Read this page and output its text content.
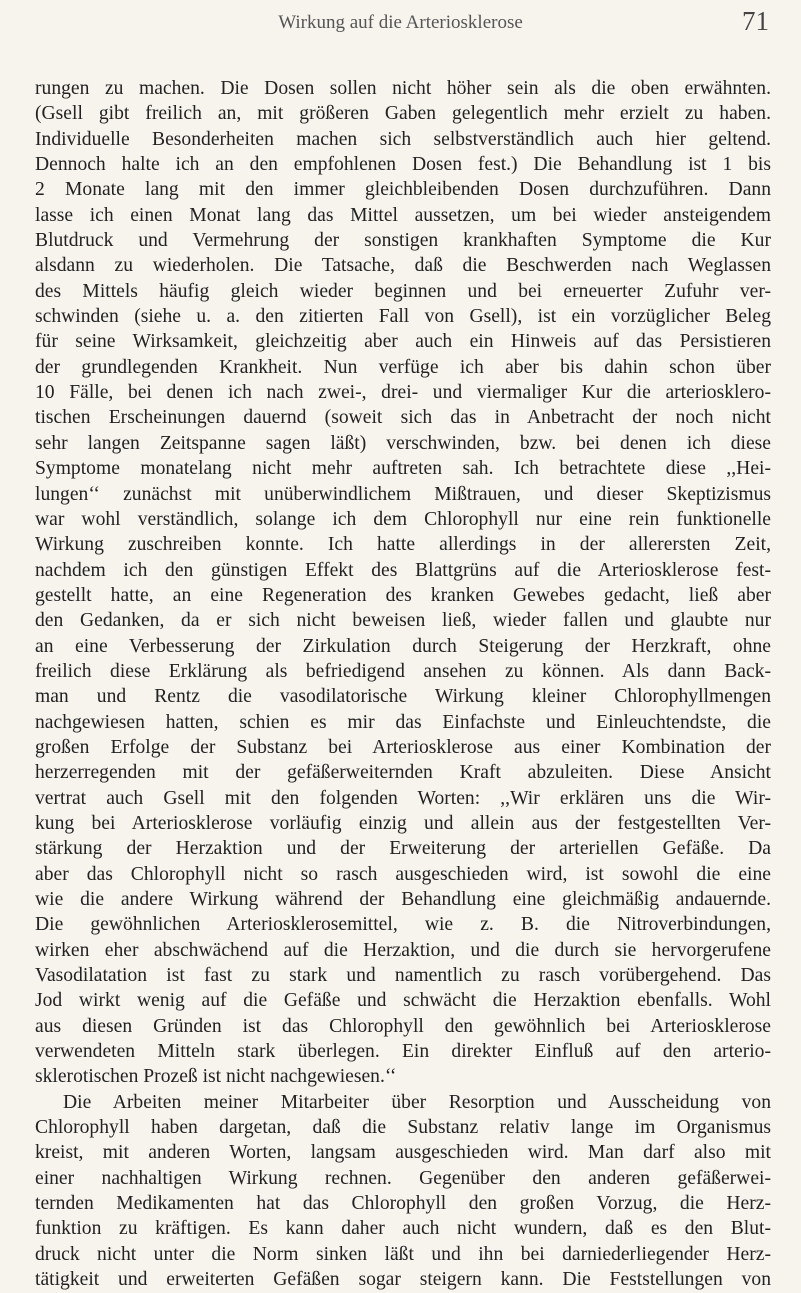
Wirkung auf die Arteriosklerose	71
rungen zu machen. Die Dosen sollen nicht höher sein als die oben erwähnten.
(Gsell gibt freilich an, mit größeren Gaben gelegentlich mehr erzielt zu haben.
Individuelle Besonderheiten machen sich selbstverständlich auch hier geltend.
Dennoch halte ich an den empfohlenen Dosen fest.) Die Behandlung ist 1 bis
2 Monate lang mit den immer gleichbleibenden Dosen durchzuführen. Dann
lasse ich einen Monat lang das Mittel aussetzen, um bei wieder ansteigendem
Blutdruck und Vermehrung der sonstigen krankhaften Symptome die Kur
alsdann zu wiederholen. Die Tatsache, daß die Beschwerden nach Weglassen
des Mittels häufig gleich wieder beginnen und bei erneuerter Zufuhr ver-
schwinden (siehe u. a. den zitierten Fall von Gsell), ist ein vorzüglicher Beleg
für seine Wirksamkeit, gleichzeitig aber auch ein Hinweis auf das Persistieren
der grundlegenden Krankheit. Nun verfüge ich aber bis dahin schon über
10 Fälle, bei denen ich nach zwei-, drei- und viermaliger Kur die arteriosklero-
tischen Erscheinungen dauernd (soweit sich das in Anbetracht der noch nicht
sehr langen Zeitspanne sagen läßt) verschwinden, bzw. bei denen ich diese
Symptome monatelang nicht mehr auftreten sah. Ich betrachtete diese ,,Hei-
lungen‘‘ zunächst mit unüberwindlichem Mißtrauen, und dieser Skeptizismus
war wohl verständlich, solange ich dem Chlorophyll nur eine rein funktionelle
Wirkung zuschreiben konnte. Ich hatte allerdings in der allerersten Zeit,
nachdem ich den günstigen Effekt des Blattgrüns auf die Arteriosklerose fest-
gestellt hatte, an eine Regeneration des kranken Gewebes gedacht, ließ aber
den Gedanken, da er sich nicht beweisen ließ, wieder fallen und glaubte nur
an eine Verbesserung der Zirkulation durch Steigerung der Herzkraft, ohne
freilich diese Erklärung als befriedigend ansehen zu können. Als dann Back-
man und Rentz die vasodilatorische Wirkung kleiner Chlorophyllmengen
nachgewiesen hatten, schien es mir das Einfachste und Einleuchtendste, die
großen Erfolge der Substanz bei Arteriosklerose aus einer Kombination der
herzerregenden mit der gefäßerweiternden Kraft abzuleiten. Diese Ansicht
vertrat auch Gsell mit den folgenden Worten: ,,Wir erklären uns die Wir-
kung bei Arteriosklerose vorläufig einzig und allein aus der festgestellten Ver-
stärkung der Herzaktion und der Erweiterung der arteriellen Gefäße. Da
aber das Chlorophyll nicht so rasch ausgeschieden wird, ist sowohl die eine
wie die andere Wirkung während der Behandlung eine gleichmäßig andauernde.
Die gewöhnlichen Arteriosklerosemittel, wie z. B. die Nitroverbindungen,
wirken eher abschwächend auf die Herzaktion, und die durch sie hervorgerufene
Vasodilatation ist fast zu stark und namentlich zu rasch vorübergehend. Das
Jod wirkt wenig auf die Gefäße und schwächt die Herzaktion ebenfalls. Wohl
aus diesen Gründen ist das Chlorophyll den gewöhnlich bei Arteriosklerose
verwendeten Mitteln stark überlegen. Ein direkter Einfluß auf den arterio-
sklerotischen Prozeß ist nicht nachgewiesen.‘‘
Die Arbeiten meiner Mitarbeiter über Resorption und Ausscheidung von
Chlorophyll haben dargetan, daß die Substanz relativ lange im Organismus
kreist, mit anderen Worten, langsam ausgeschieden wird. Man darf also mit
einer nachhaltigen Wirkung rechnen. Gegenüber den anderen gefäßerwei-
ternden Medikamenten hat das Chlorophyll den großen Vorzug, die Herz-
funktion zu kräftigen. Es kann daher auch nicht wundern, daß es den Blut-
druck nicht unter die Norm sinken läßt und ihn bei darniederliegender Herz-
tätigkeit und erweiterten Gefäßen sogar steigern kann. Die Feststellungen von
